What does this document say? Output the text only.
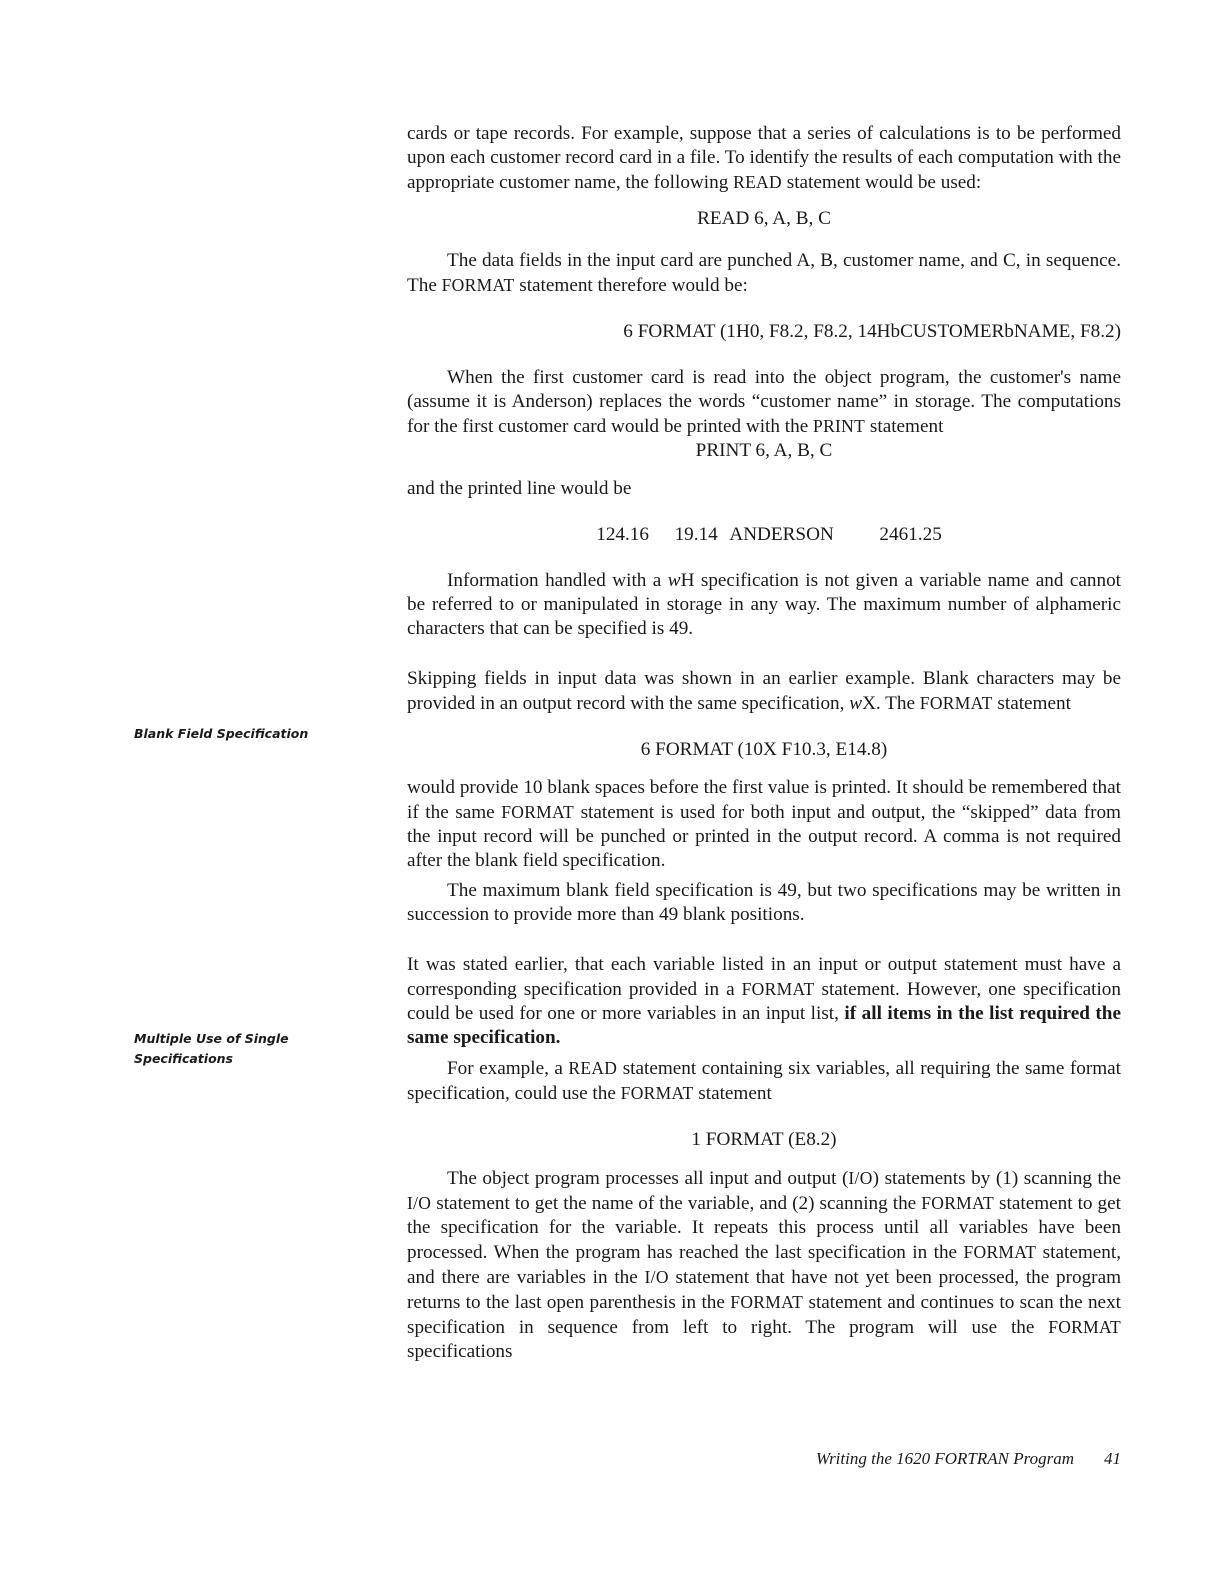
Blank Field Specification
Multiple Use of Single Specifications

cards or tape records. For example, suppose that a series of calculations is to be performed upon each customer record card in a file. To identify the results of each computation with the appropriate customer name, the following READ statement would be used:

READ 6, A, B, C

The data fields in the input card are punched A, B, customer name, and C, in sequence. The FORMAT statement therefore would be:

6 FORMAT (1H0, F8.2, F8.2, 14HbCUSTOMERbNAME, F8.2)

When the first customer card is read into the object program, the customer's name (assume it is Anderson) replaces the words “customer name” in storage. The computations for the first customer card would be printed with the PRINT statement

PRINT 6, A, B, C

and the printed line would be

124.16 19.14 ANDERSON 2461.25

Information handled with a wH specification is not given a variable name and cannot be referred to or manipulated in storage in any way. The maximum number of alphameric characters that can be specified is 49.

Skipping fields in input data was shown in an earlier example. Blank characters may be provided in an output record with the same specification, wX. The FORMAT statement

6 FORMAT (10X F10.3, E14.8)

would provide 10 blank spaces before the first value is printed. It should be remembered that if the same FORMAT statement is used for both input and output, the “skipped” data from the input record will be punched or printed in the output record. A comma is not required after the blank field specification.

The maximum blank field specification is 49, but two specifications may be written in succession to provide more than 49 blank positions.

It was stated earlier, that each variable listed in an input or output statement must have a corresponding specification provided in a FORMAT statement. However, one specification could be used for one or more variables in an input list, if all items in the list required the same specification.

For example, a READ statement containing six variables, all requiring the same format specification, could use the FORMAT statement

1 FORMAT (E8.2)

The object program processes all input and output (I/O) statements by (1) scanning the I/O statement to get the name of the variable, and (2) scanning the FORMAT statement to get the specification for the variable. It repeats this process until all variables have been processed. When the program has reached the last specification in the FORMAT statement, and there are variables in the I/O statement that have not yet been processed, the program returns to the last open parenthesis in the FORMAT statement and continues to scan the next specification in sequence from left to right. The program will use the FORMAT specifications

Writing the 1620 FORTRAN Program 41
